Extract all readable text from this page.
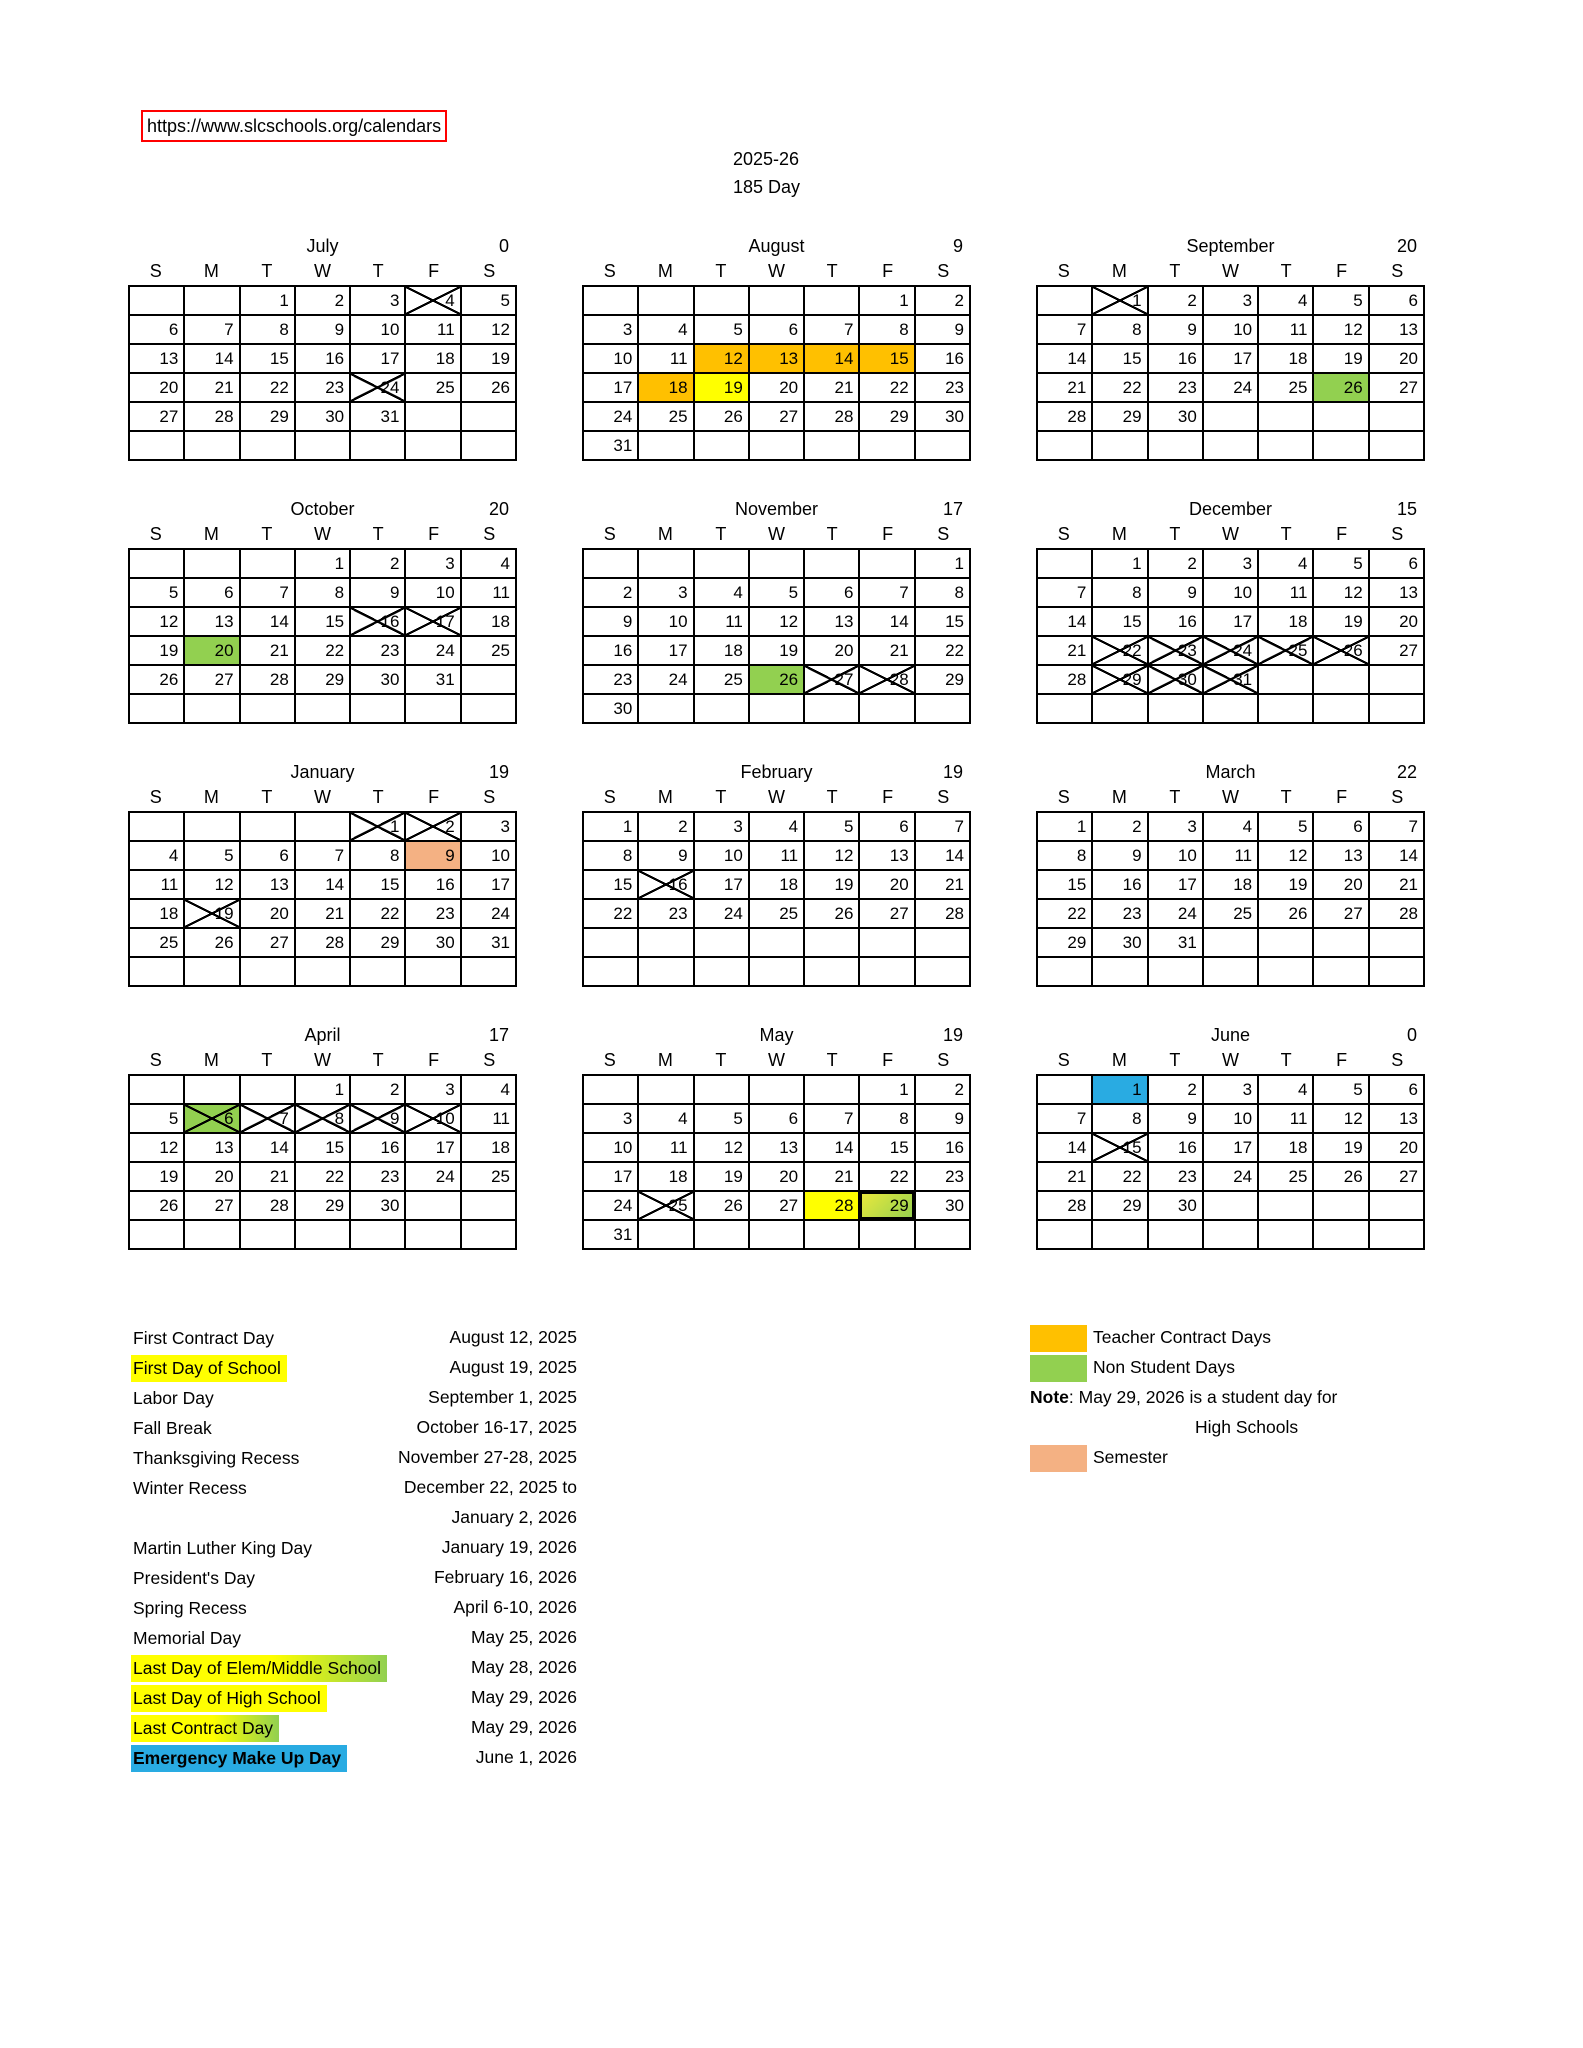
https://www.slcschools.org/calendars
2025-26
185 Day
July	0
S	M	T	W	T	F	S
		1	2	3	4	5
6	7	8	9	10	11	12
13	14	15	16	17	18	19
20	21	22	23	24	25	26
27	28	29	30	31		

August	9
S	M	T	W	T	F	S
					1	2
3	4	5	6	7	8	9
10	11	12	13	14	15	16
17	18	19	20	21	22	23
24	25	26	27	28	29	30
31						
September	20
S	M	T	W	T	F	S
	1	2	3	4	5	6
7	8	9	10	11	12	13
14	15	16	17	18	19	20
21	22	23	24	25	26	27
28	29	30				

October	20
S	M	T	W	T	F	S
			1	2	3	4
5	6	7	8	9	10	11
12	13	14	15	16	17	18
19	20	21	22	23	24	25
26	27	28	29	30	31	

November	17
S	M	T	W	T	F	S
						1
2	3	4	5	6	7	8
9	10	11	12	13	14	15
16	17	18	19	20	21	22
23	24	25	26	27	28	29
30						
December	15
S	M	T	W	T	F	S
	1	2	3	4	5	6
7	8	9	10	11	12	13
14	15	16	17	18	19	20
21	22	23	24	25	26	27
28	29	30	31			

January	19
S	M	T	W	T	F	S
				1	2	3
4	5	6	7	8	9	10
11	12	13	14	15	16	17
18	19	20	21	22	23	24
25	26	27	28	29	30	31

February	19
S	M	T	W	T	F	S
1	2	3	4	5	6	7
8	9	10	11	12	13	14
15	16	17	18	19	20	21
22	23	24	25	26	27	28

March	22
S	M	T	W	T	F	S
1	2	3	4	5	6	7
8	9	10	11	12	13	14
15	16	17	18	19	20	21
22	23	24	25	26	27	28
29	30	31				

April	17
S	M	T	W	T	F	S
			1	2	3	4
5	6	7	8	9	10	11
12	13	14	15	16	17	18
19	20	21	22	23	24	25
26	27	28	29	30		

May	19
S	M	T	W	T	F	S
					1	2
3	4	5	6	7	8	9
10	11	12	13	14	15	16
17	18	19	20	21	22	23
24	25	26	27	28	29	30
31						
June	0
S	M	T	W	T	F	S
	1	2	3	4	5	6
7	8	9	10	11	12	13
14	15	16	17	18	19	20
21	22	23	24	25	26	27
28	29	30				

First Contract Day	August 12, 2025
First Day of School	August 19, 2025
Labor Day	September 1, 2025
Fall Break	October 16-17, 2025
Thanksgiving Recess	November 27-28, 2025
Winter Recess	December 22, 2025 to
January 2, 2026
Martin Luther King Day	January 19, 2026
President's Day	February 16, 2026
Spring Recess	April 6-10, 2026
Memorial Day	May 25, 2026
Last Day of Elem/Middle School	May 28, 2026
Last Day of High School	May 29, 2026
Last Contract Day	May 29, 2026
Emergency Make Up Day	June 1, 2026
Teacher Contract Days
Non Student Days
Note: May 29, 2026 is a student day for
High Schools
Semester
